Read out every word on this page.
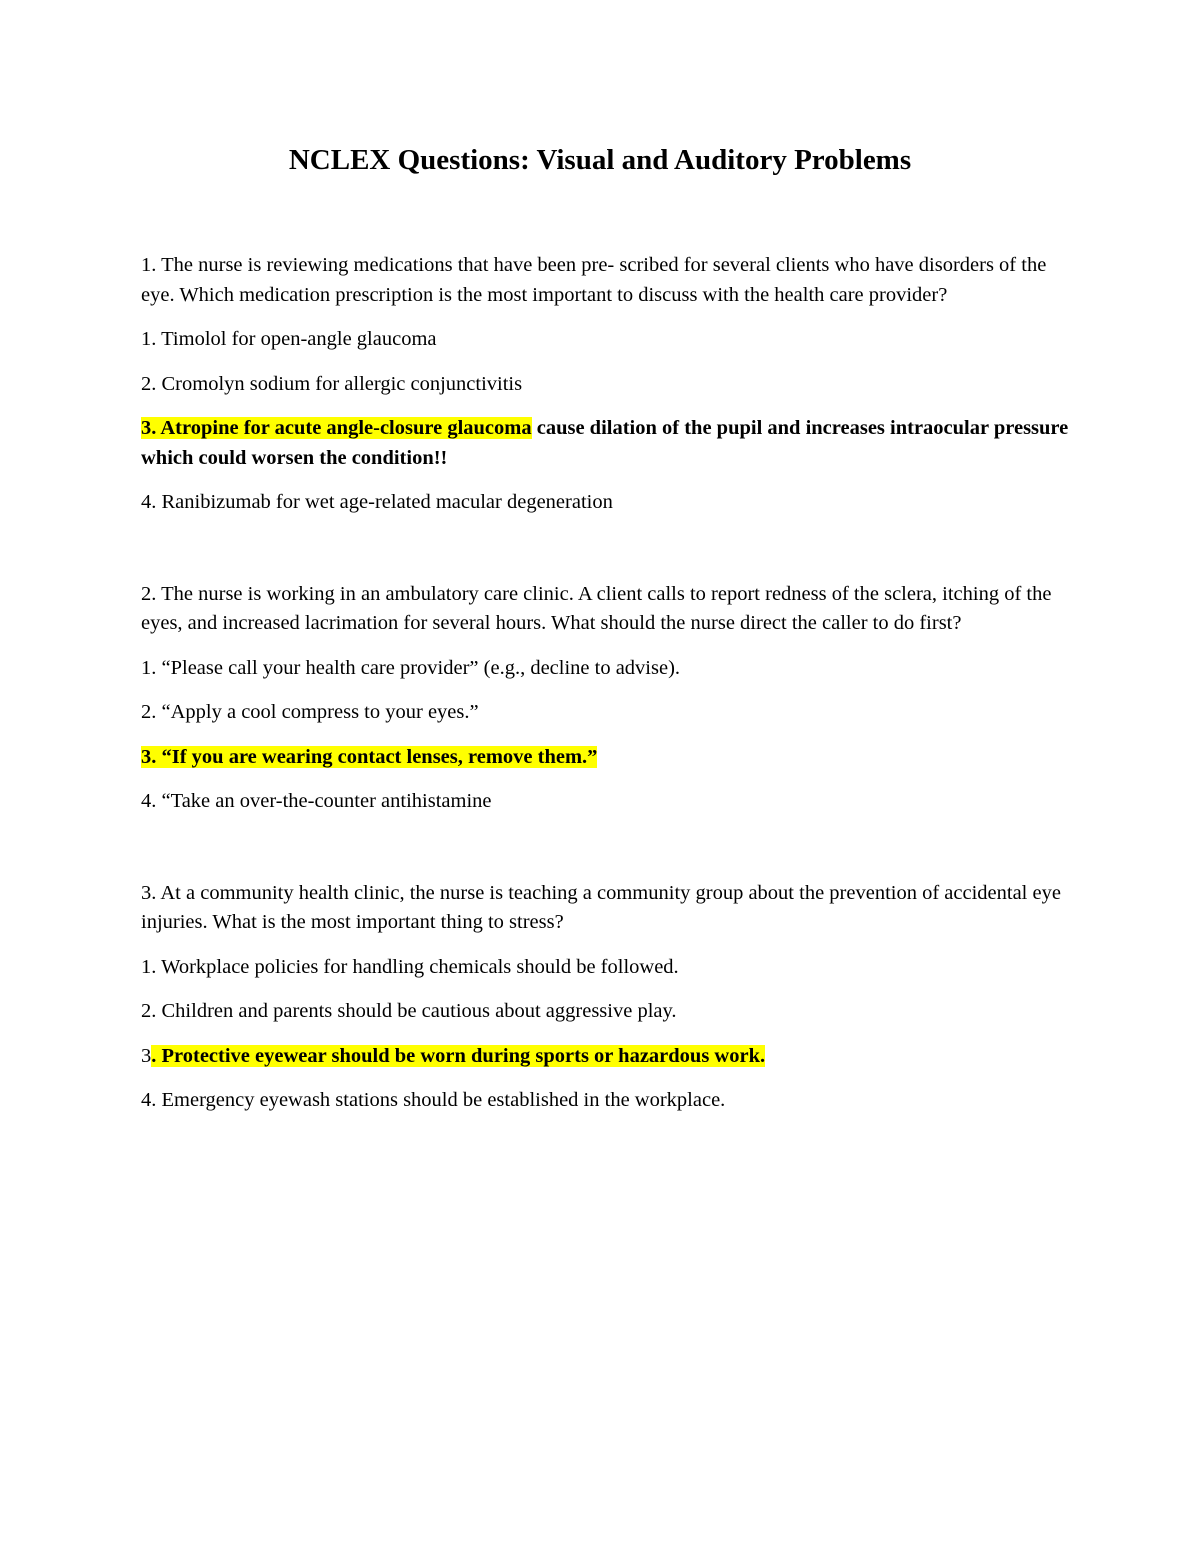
NCLEX Questions: Visual and Auditory Problems

1. The nurse is reviewing medications that have been pre- scribed for several clients who have disorders of the eye. Which medication prescription is the most important to discuss with the health care provider?

1. Timolol for open-angle glaucoma

2. Cromolyn sodium for allergic conjunctivitis

3. Atropine for acute angle-closure glaucoma cause dilation of the pupil and increases intraocular pressure which could worsen the condition!!

4. Ranibizumab for wet age-related macular degeneration

2. The nurse is working in an ambulatory care clinic. A client calls to report redness of the sclera, itching of the eyes, and increased lacrimation for several hours. What should the nurse direct the caller to do first?

1. “Please call your health care provider” (e.g., decline to advise).

2. “Apply a cool compress to your eyes.”

3. “If you are wearing contact lenses, remove them.”

4. “Take an over-the-counter antihistamine

3. At a community health clinic, the nurse is teaching a community group about the prevention of accidental eye injuries. What is the most important thing to stress?

1. Workplace policies for handling chemicals should be followed.

2. Children and parents should be cautious about aggressive play.

3. Protective eyewear should be worn during sports or hazardous work.

4. Emergency eyewash stations should be established in the workplace.
